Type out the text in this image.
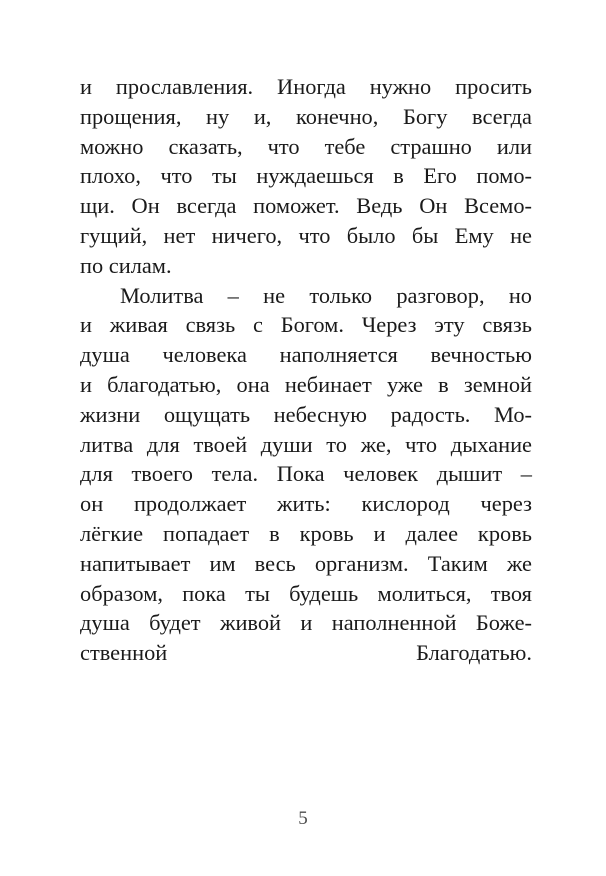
и прославления. Иногда нужно просить
прощения, ну и, конечно, Богу всегда
можно сказать, что тебе страшно или
плохо, что ты нуждаешься в Его помо-
щи. Он всегда поможет. Ведь Он Всемо-
гущий, нет ничего, что было бы Ему не
по силам.
Молитва – не только разговор, но
и живая связь с Богом. Через эту связь
душа человека наполняется вечностью
и благодатью, она небинает уже в земной
жизни ощущать небесную радость. Мо-
литва для твоей души то же, что дыхание
для твоего тела. Пока человек дышит –
он продолжает жить: кислород через
лёгкие попадает в кровь и далее кровь
напитывает им весь организм. Таким же
образом, пока ты будешь молиться, твоя
душа будет живой и наполненной Боже-
ственной Благодатью.
5
